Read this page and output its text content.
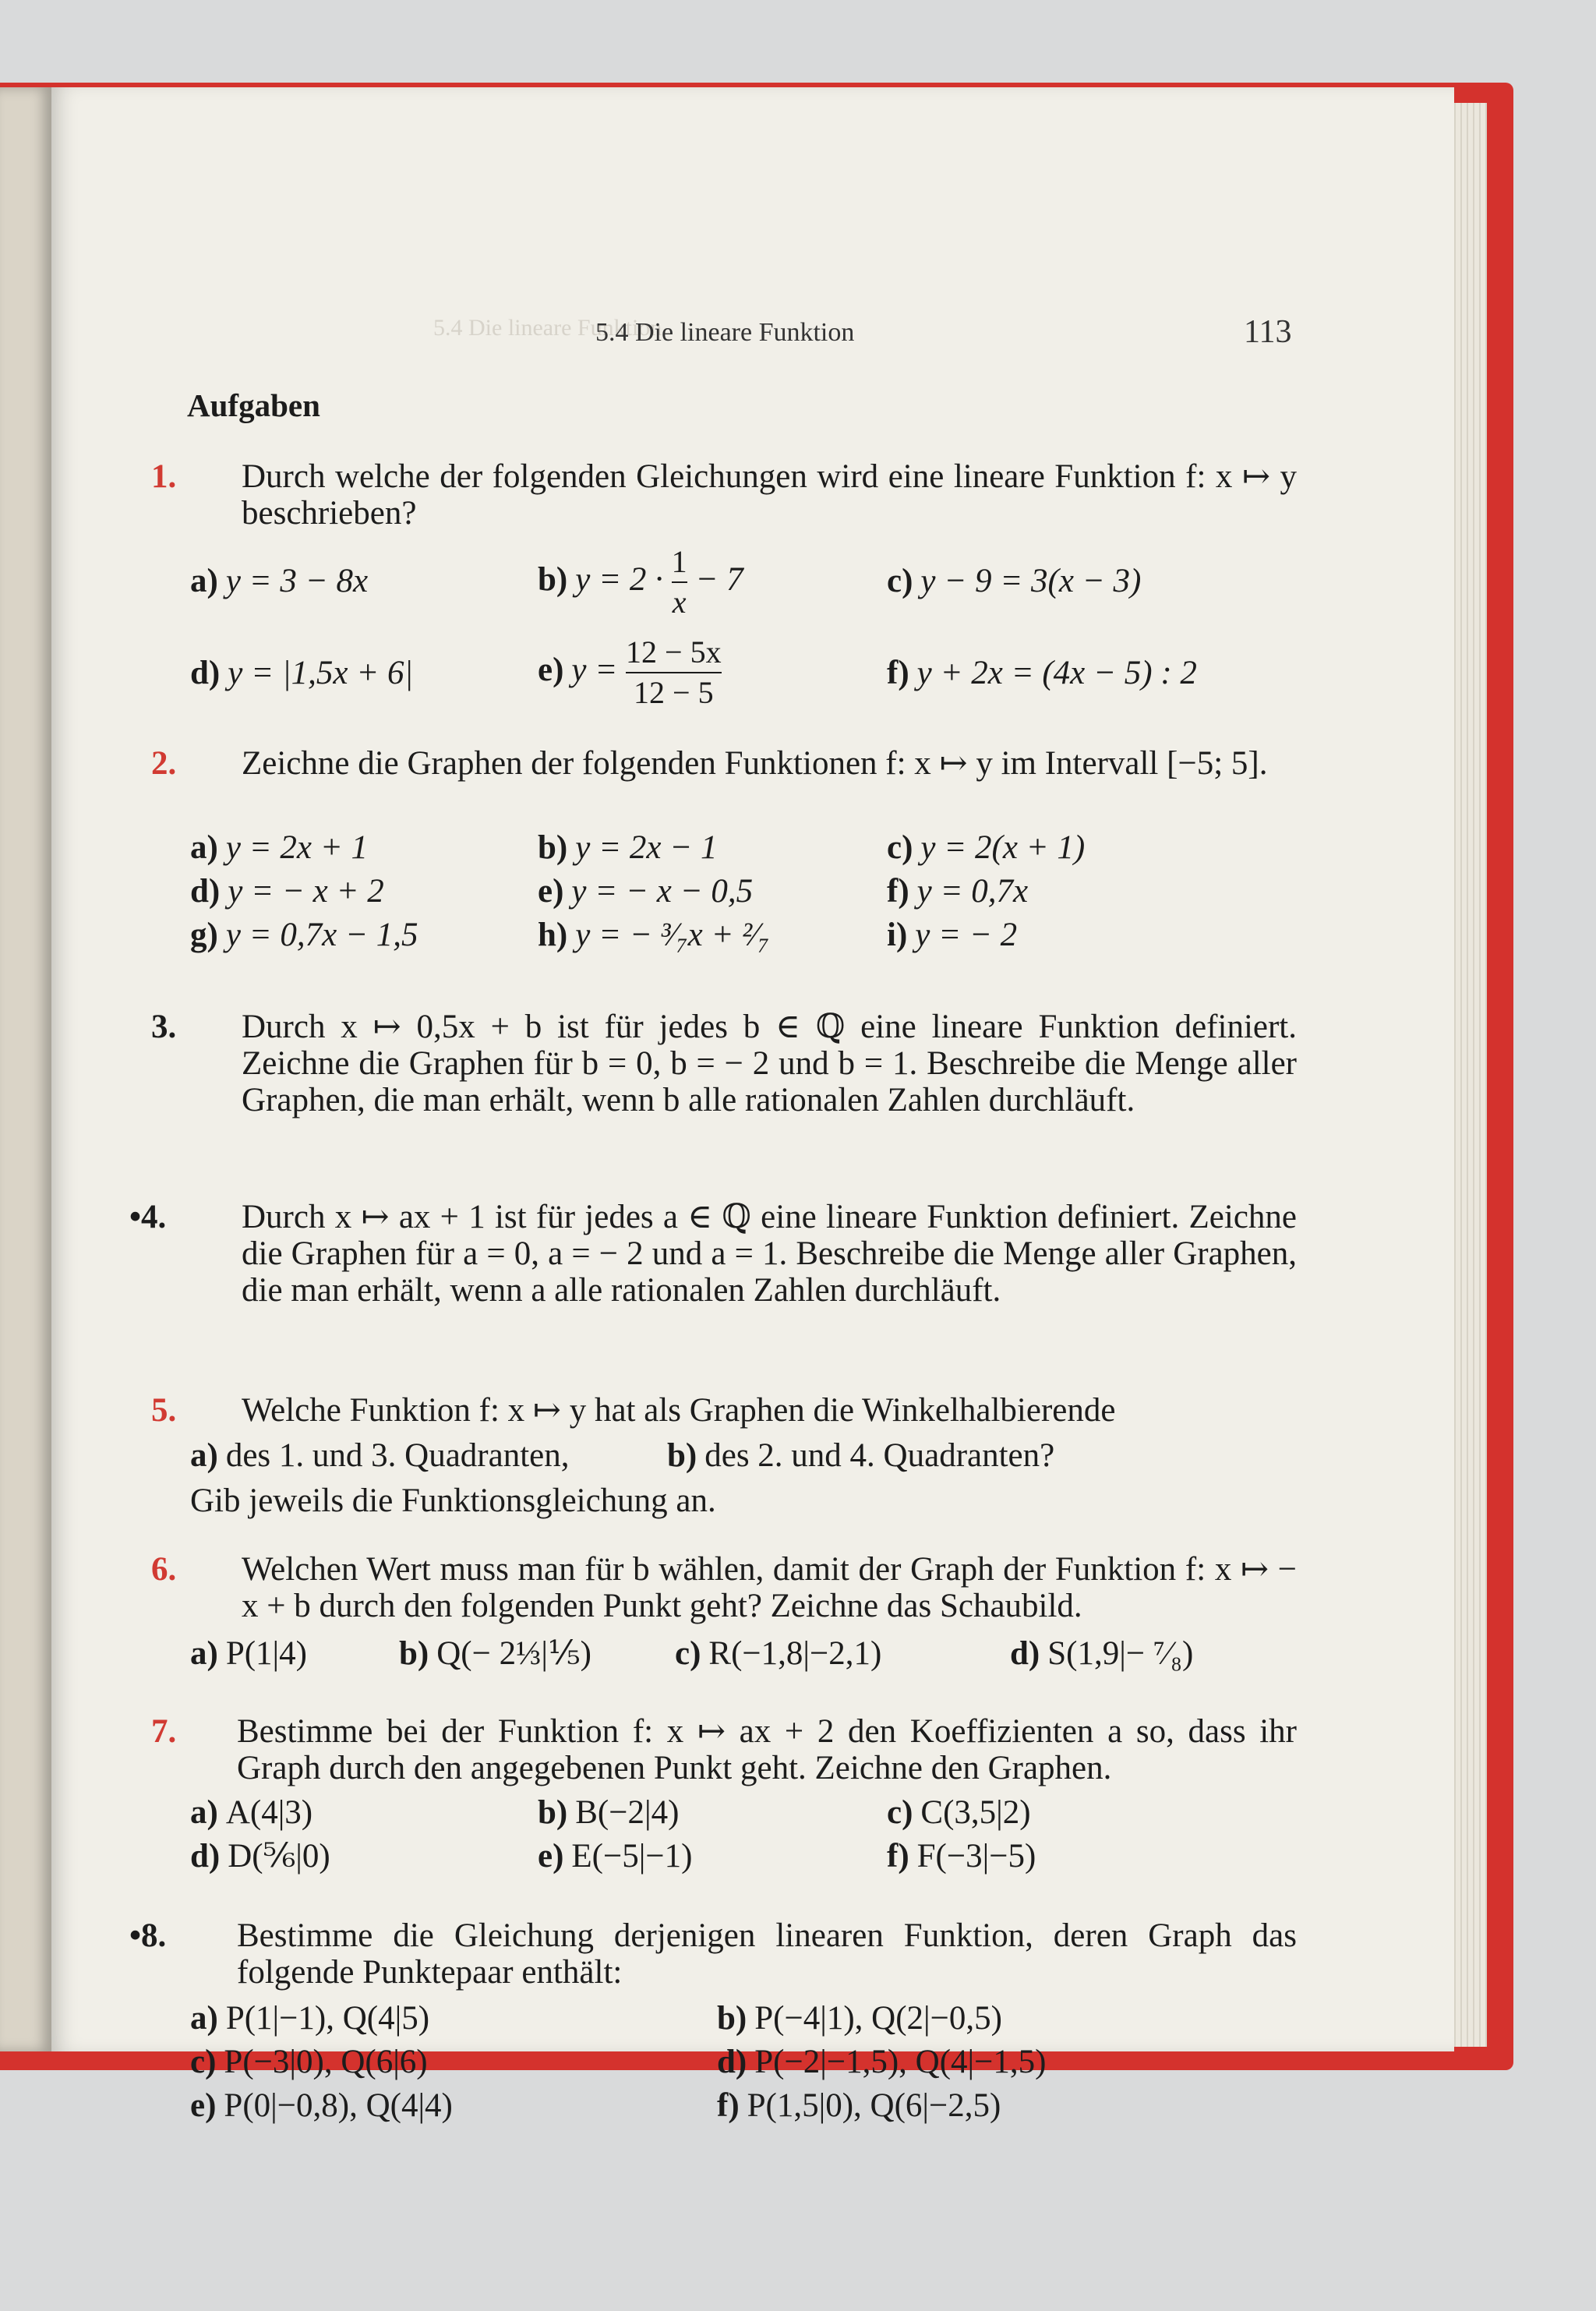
5.4 Die lineare Funktion
5.4 Die lineare Funktion	113
Aufgaben
1. Durch welche der folgenden Gleichungen wird eine lineare Funktion f: x ↦ y beschrieben?
a) y = 3 − 8x	b) $y = 2 \cdot \frac{1}{x} - 7$	c) y − 9 = 3(x − 3)
d) y = |1,5x + 6|	e) $y = \frac{12 - 5x}{12 - 5}$	f) y + 2x = (4x − 5) : 2
2. Zeichne die Graphen der folgenden Funktionen f: x ↦ y im Intervall [−5; 5].
a) y = 2x + 1	b) y = 2x − 1	c) y = 2(x + 1)
d) y = − x + 2	e) y = − x − 0,5	f) y = 0,7x
g) y = 0,7x − 1,5	h) y = − ³⁄₇x + ²⁄₇	i) y = − 2
3. Durch x ↦ 0,5x + b ist für jedes b ∈ ℚ eine lineare Funktion definiert. Zeichne die Graphen für b = 0, b = − 2 und b = 1. Beschreibe die Menge aller Graphen, die man erhält, wenn b alle rationalen Zahlen durchläuft.
•4. Durch x ↦ ax + 1 ist für jedes a ∈ ℚ eine lineare Funktion definiert. Zeichne die Graphen für a = 0, a = − 2 und a = 1. Beschreibe die Menge aller Graphen, die man erhält, wenn a alle rationalen Zahlen durchläuft.
5. Welche Funktion f: x ↦ y hat als Graphen die Winkelhalbierende
a) des 1. und 3. Quadranten,	b) des 2. und 4. Quadranten?
Gib jeweils die Funktionsgleichung an.
6. Welchen Wert muss man für b wählen, damit der Graph der Funktion f: x ↦ − x + b durch den folgenden Punkt geht? Zeichne das Schaubild.
a) P(1|4)	b) Q(− 2⅓|⅕) c) R(−1,8|−2,1)	d) S(1,9|− ⁷⁄₈)
7. Bestimme bei der Funktion f: x ↦ ax + 2 den Koeffizienten a so, dass ihr Graph durch den angegebenen Punkt geht. Zeichne den Graphen.
a) A(4|3)	b) B(−2|4)	c) C(3,5|2)
d) D(⅚|0)	e) E(−5|−1)	f) F(−3|−5)
•8. Bestimme die Gleichung derjenigen linearen Funktion, deren Graph das folgende Punktepaar enthält:
a) P(1|−1), Q(4|5)	b) P(−4|1), Q(2|−0,5)
c) P(−3|0), Q(6|6)	d) P(−2|−1,5), Q(4|−1,5)
e) P(0|−0,8), Q(4|4)	f) P(1,5|0), Q(6|−2,5)
